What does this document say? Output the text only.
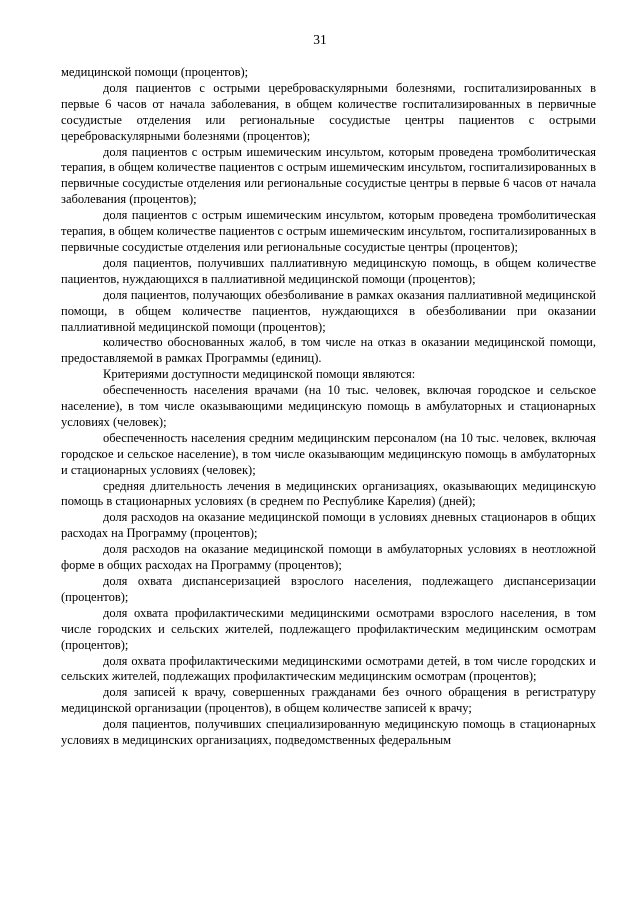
31

медицинской помощи (процентов);

доля пациентов с острыми цереброваскулярными болезнями, госпитализированных в первые 6 часов от начала заболевания, в общем количестве госпитализированных в первичные сосудистые отделения или региональные сосудистые центры пациентов с острыми цереброваскулярными болезнями (процентов);

доля пациентов с острым ишемическим инсультом, которым проведена тромболитическая терапия, в общем количестве пациентов с острым ишемическим инсультом, госпитализированных в первичные сосудистые отделения или региональные сосудистые центры в первые 6 часов от начала заболевания (процентов);

доля пациентов с острым ишемическим инсультом, которым проведена тромболитическая терапия, в общем количестве пациентов с острым ишемическим инсультом, госпитализированных в первичные сосудистые отделения или региональные сосудистые центры (процентов);

доля пациентов, получивших паллиативную медицинскую помощь, в общем количестве пациентов, нуждающихся в паллиативной медицинской помощи (процентов);

доля пациентов, получающих обезболивание в рамках оказания паллиативной медицинской помощи, в общем количестве пациентов, нуждающихся в обезболивании при оказании паллиативной медицинской помощи (процентов);

количество обоснованных жалоб, в том числе на отказ в оказании медицинской помощи, предоставляемой в рамках Программы (единиц).

Критериями доступности медицинской помощи являются:

обеспеченность населения врачами (на 10 тыс. человек, включая городское и сельское население), в том числе оказывающими медицинскую помощь в амбулаторных и стационарных условиях (человек);

обеспеченность населения средним медицинским персоналом (на 10 тыс. человек, включая городское и сельское население), в том числе оказывающим медицинскую помощь в амбулаторных и стационарных условиях (человек);

средняя длительность лечения в медицинских организациях, оказывающих медицинскую помощь в стационарных условиях (в среднем по Республике Карелия) (дней);

доля расходов на оказание медицинской помощи в условиях дневных стационаров в общих расходах на Программу (процентов);

доля расходов на оказание медицинской помощи в амбулаторных условиях в неотложной форме в общих расходах на Программу (процентов);

доля охвата диспансеризацией взрослого населения, подлежащего диспансеризации (процентов);

доля охвата профилактическими медицинскими осмотрами взрослого населения, в том числе городских и сельских жителей, подлежащего профилактическим медицинским осмотрам (процентов);

доля охвата профилактическими медицинскими осмотрами детей, в том числе городских и сельских жителей, подлежащих профилактическим медицинским осмотрам (процентов);

доля записей к врачу, совершенных гражданами без очного обращения в регистратуру медицинской организации (процентов), в общем количестве записей к врачу;

доля пациентов, получивших специализированную медицинскую помощь в стационарных условиях в медицинских организациях, подведомственных федеральным
